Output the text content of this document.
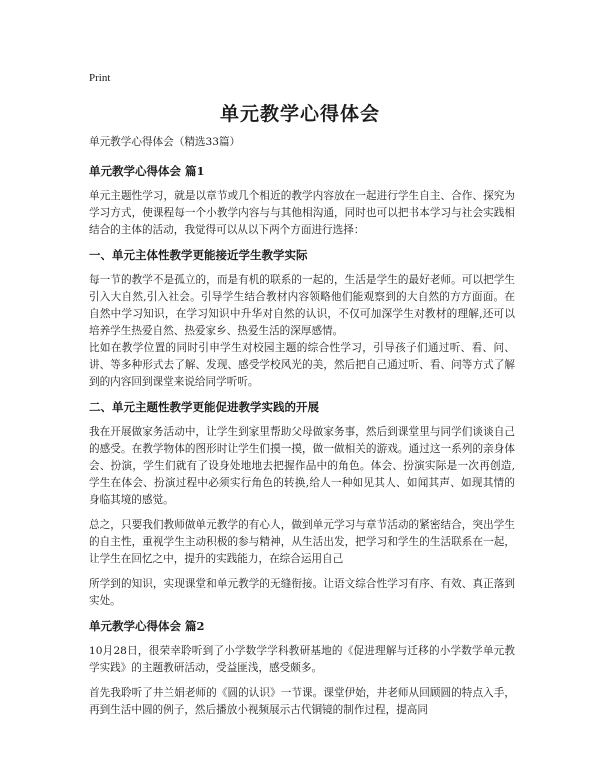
Print
单元教学心得体会

单元教学心得体会（精选33篇）

单元教学心得体会 篇1

单元主题性学习，就是以章节或几个相近的教学内容放在一起进行学生自主、合作、探究为学习方式，使课程每一个小教学内容与与其他相沟通，同时也可以把书本学习与社会实践相结合的主体的活动，我觉得可以从以下两个方面进行选择：

一、单元主体性教学更能接近学生教学实际

每一节的教学不是孤立的，而是有机的联系的一起的，生活是学生的最好老师。可以把学生引入大自然,引入社会。引导学生结合教材内容领略他们能观察到的大自然的方方面面。在自然中学习知识，在学习知识中升华对自然的认识，不仅可加深学生对教材的理解,还可以培养学生热爱自然、热爱家乡、热爱生活的深厚感情。

比如在教学位置的同时引申学生对校园主题的综合性学习，引导孩子们通过听、看、问、讲、等多种形式去了解、发现、感受学校风光的美，然后把自己通过听、看、问等方式了解到的内容回到课堂来说给同学听听。

二、单元主题性教学更能促进教学实践的开展

我在开展做家务活动中，让学生到家里帮助父母做家务事，然后到课堂里与同学们谈谈自己的感受。在教学物体的图形时让学生们摸一摸，做一做相关的游戏。通过这一系列的亲身体会、扮演，学生们就有了设身处地地去把握作品中的角色。体会、扮演实际是一次再创造,学生在体会、扮演过程中必须实行角色的转换,给人一种如见其人、如闻其声、如现其情的身临其境的感觉。

总之，只要我们教师做单元教学的有心人，做到单元学习与章节活动的紧密结合，突出学生的自主性，重视学生主动积极的参与精神，从生活出发，把学习和学生的生活联系在一起，让学生在回忆之中，提升的实践能力，在综合运用自己

所学到的知识，实现课堂和单元教学的无缝衔接。让语文综合性学习有序、有效、真正落到实处。

单元教学心得体会 篇2

10月28日，很荣幸聆听到了小学数学学科教研基地的《促进理解与迁移的小学数学单元教学实践》的主题教研活动，受益匪浅，感受颇多。

首先我聆听了井兰娟老师的《圆的认识》一节课。课堂伊始，井老师从回顾圆的特点入手，再到生活中圆的例子，然后播放小视频展示古代铜镜的制作过程，提高同
